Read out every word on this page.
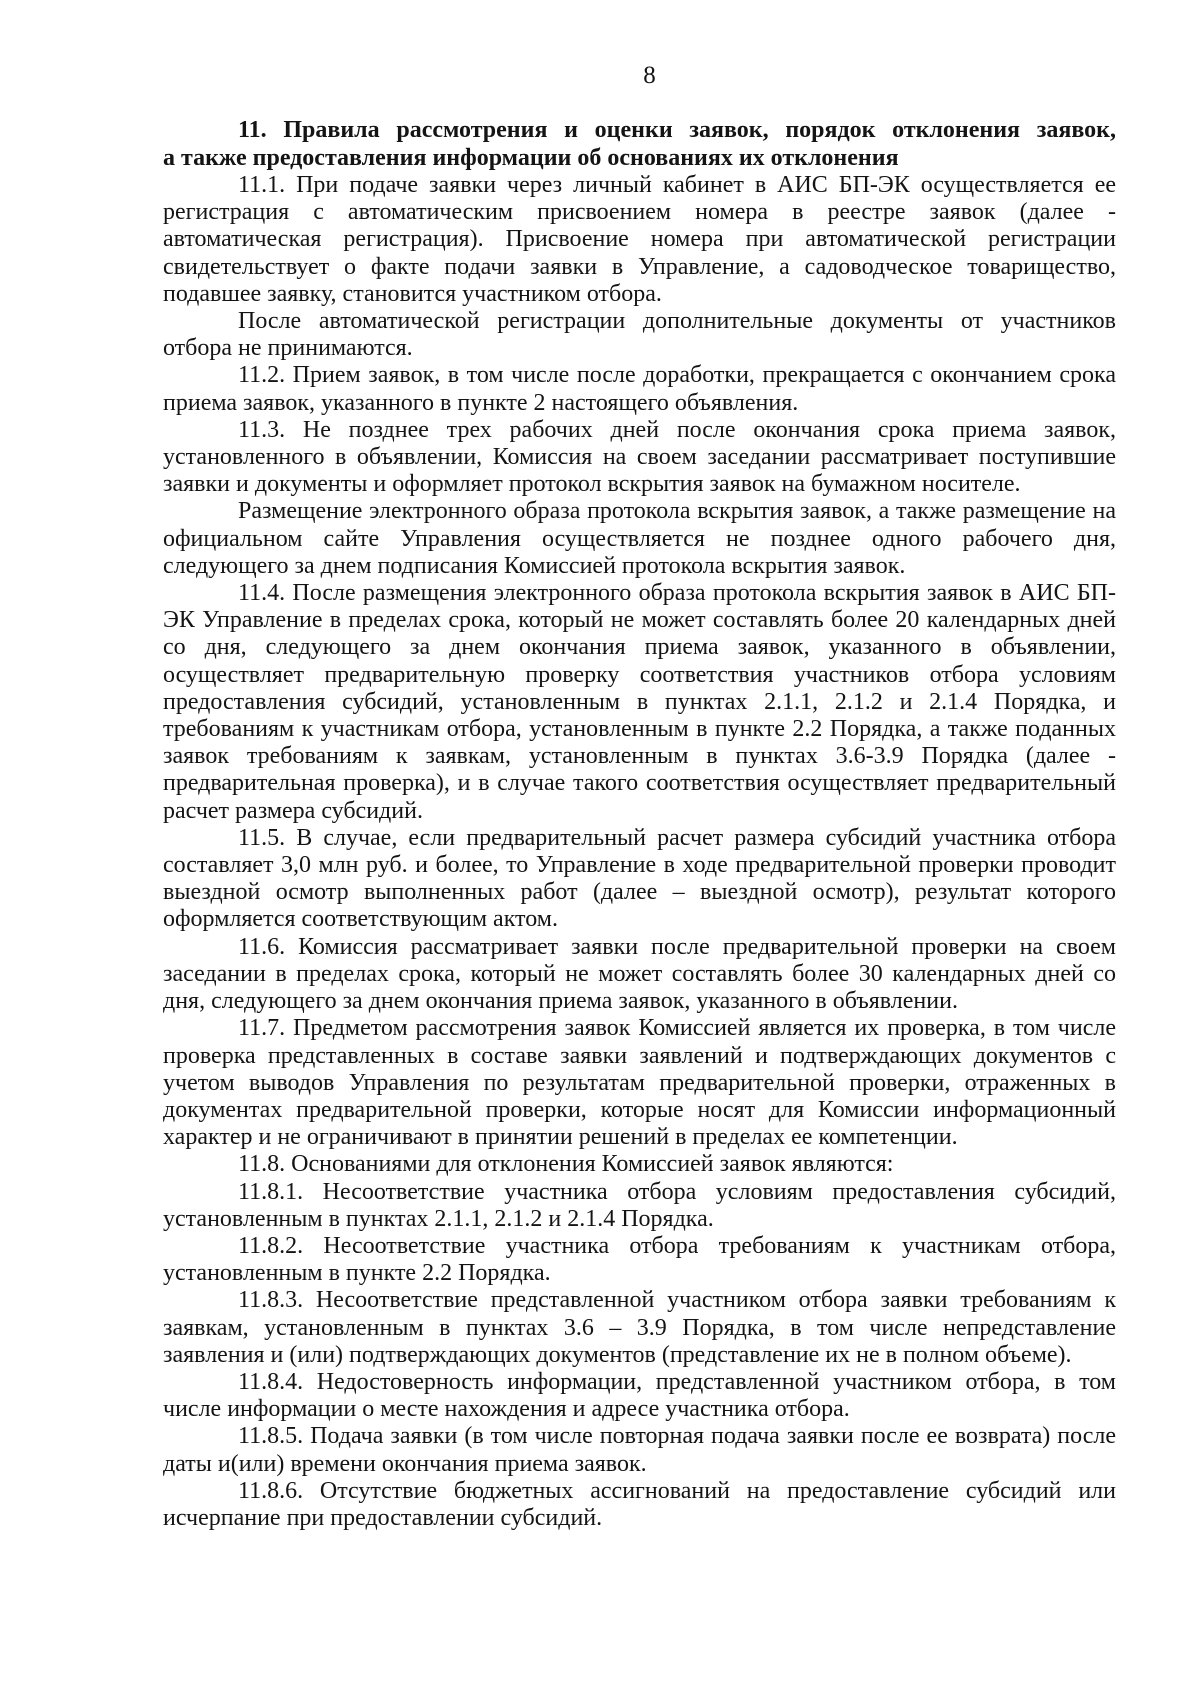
8
11. Правила рассмотрения и оценки заявок, порядок отклонения заявок,
а также предоставления информации об основаниях их отклонения

11.1. При подаче заявки через личный кабинет в АИС БП-ЭК осуществляется ее регистрация с автоматическим присвоением номера в реестре заявок (далее - автоматическая регистрация). Присвоение номера при автоматической регистрации свидетельствует о факте подачи заявки в Управление, а садоводческое товарищество, подавшее заявку, становится участником отбора.

После автоматической регистрации дополнительные документы от участников отбора не принимаются.

11.2. Прием заявок, в том числе после доработки, прекращается с окончанием срока приема заявок, указанного в пункте 2 настоящего объявления.

11.3. Не позднее трех рабочих дней после окончания срока приема заявок, установленного в объявлении, Комиссия на своем заседании рассматривает поступившие заявки и документы и оформляет протокол вскрытия заявок на бумажном носителе.

Размещение электронного образа протокола вскрытия заявок, а также размещение на официальном сайте Управления осуществляется не позднее одного рабочего дня, следующего за днем подписания Комиссией протокола вскрытия заявок.

11.4. После размещения электронного образа протокола вскрытия заявок в АИС БП-ЭК Управление в пределах срока, который не может составлять более 20 календарных дней со дня, следующего за днем окончания приема заявок, указанного в объявлении, осуществляет предварительную проверку соответствия участников отбора условиям предоставления субсидий, установленным в пунктах 2.1.1, 2.1.2 и 2.1.4 Порядка, и требованиям к участникам отбора, установленным в пункте 2.2 Порядка, а также поданных заявок требованиям к заявкам, установленным в пунктах 3.6-3.9 Порядка (далее - предварительная проверка), и в случае такого соответствия осуществляет предварительный расчет размера субсидий.

11.5. В случае, если предварительный расчет размера субсидий участника отбора составляет 3,0 млн руб. и более, то Управление в ходе предварительной проверки проводит выездной осмотр выполненных работ (далее – выездной осмотр), результат которого оформляется соответствующим актом.

11.6. Комиссия рассматривает заявки после предварительной проверки на своем заседании в пределах срока, который не может составлять более 30 календарных дней со дня, следующего за днем окончания приема заявок, указанного в объявлении.

11.7. Предметом рассмотрения заявок Комиссией является их проверка, в том числе проверка представленных в составе заявки заявлений и подтверждающих документов с учетом выводов Управления по результатам предварительной проверки, отраженных в документах предварительной проверки, которые носят для Комиссии информационный характер и не ограничивают в принятии решений в пределах ее компетенции.

11.8. Основаниями для отклонения Комиссией заявок являются:

11.8.1. Несоответствие участника отбора условиям предоставления субсидий, установленным в пунктах 2.1.1, 2.1.2 и 2.1.4 Порядка.

11.8.2. Несоответствие участника отбора требованиям к участникам отбора, установленным в пункте 2.2 Порядка.

11.8.3. Несоответствие представленной участником отбора заявки требованиям к заявкам, установленным в пунктах 3.6 – 3.9 Порядка, в том числе непредставление заявления и (или) подтверждающих документов (представление их не в полном объеме).

11.8.4. Недостоверность информации, представленной участником отбора, в том числе информации о месте нахождения и адресе участника отбора.

11.8.5. Подача заявки (в том числе повторная подача заявки после ее возврата) после даты и(или) времени окончания приема заявок.

11.8.6. Отсутствие бюджетных ассигнований на предоставление субсидий или исчерпание при предоставлении субсидий.
